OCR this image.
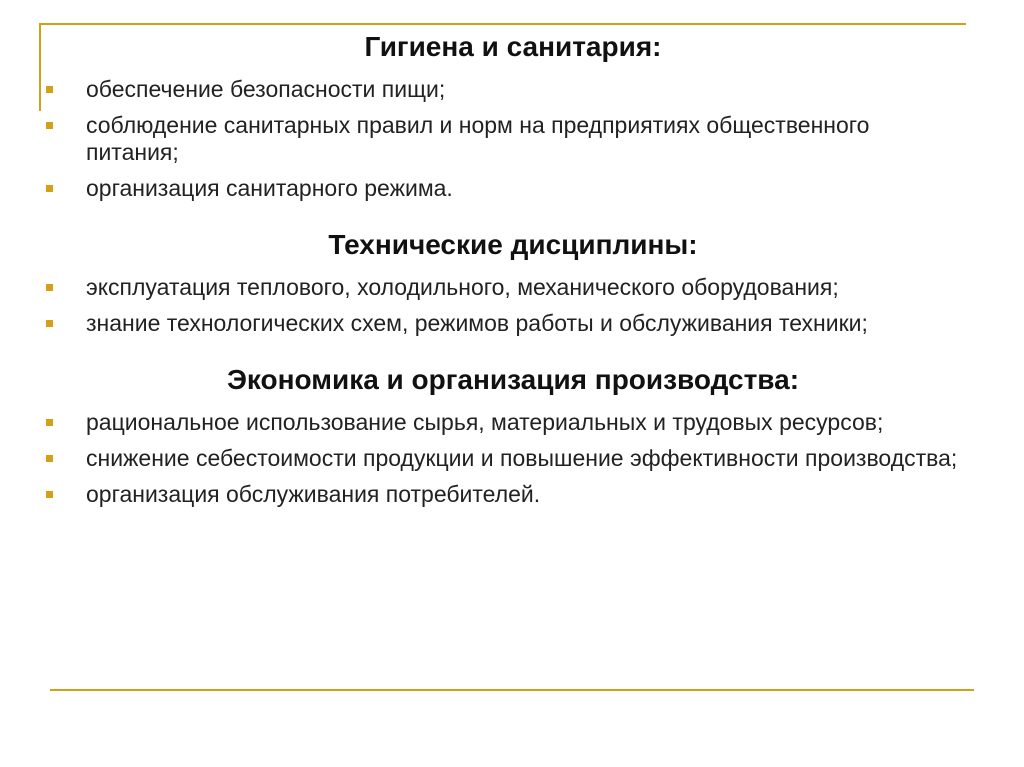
Гигиена и санитария:
обеспечение безопасности пищи;
соблюдение санитарных правил и норм на предприятиях общественного питания;
организация санитарного режима.
Технические дисциплины:
эксплуатация теплового, холодильного, механического оборудования;
знание технологических схем, режимов работы и обслуживания техники;
Экономика и организация производства:
рациональное использование сырья, материальных и трудовых ресурсов;
снижение себестоимости продукции и повышение эффективности производства;
организация обслуживания потребителей.
